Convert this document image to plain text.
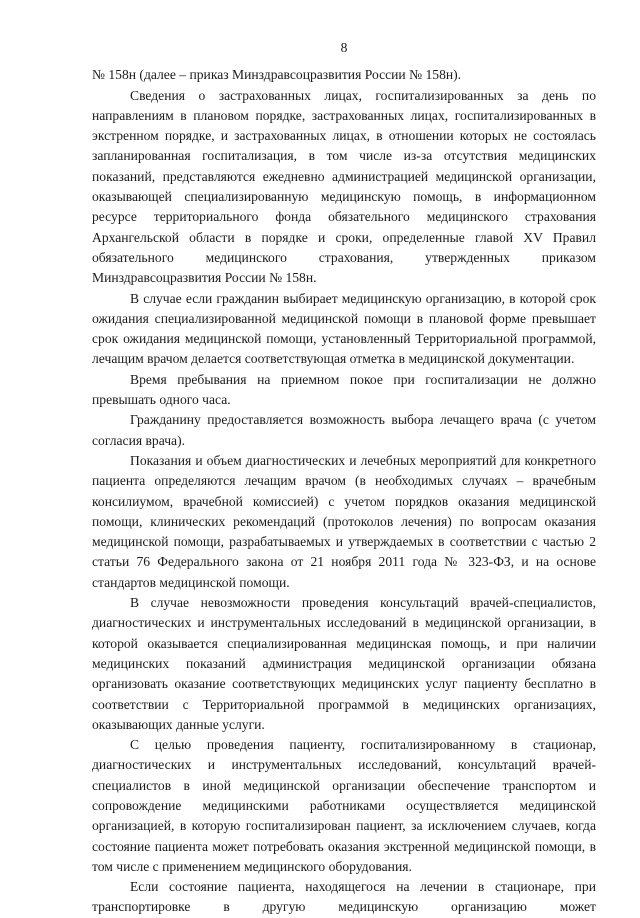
8

№ 158н (далее – приказ Минздравсоцразвития России № 158н).

Сведения о застрахованных лицах, госпитализированных за день по направлениям в плановом порядке, застрахованных лицах, госпитализированных в экстренном порядке, и застрахованных лицах, в отношении которых не состоялась запланированная госпитализация, в том числе из-за отсутствия медицинских показаний, представляются ежедневно администрацией медицинской организации, оказывающей специализированную медицинскую помощь, в информационном ресурсе территориального фонда обязательного медицинского страхования Архангельской области в порядке и сроки, определенные главой XV Правил обязательного медицинского страхования, утвержденных приказом Минздравсоцразвития России № 158н.

В случае если гражданин выбирает медицинскую организацию, в которой срок ожидания специализированной медицинской помощи в плановой форме превышает срок ожидания медицинской помощи, установленный Территориальной программой, лечащим врачом делается соответствующая отметка в медицинской документации.

Время пребывания на приемном покое при госпитализации не должно превышать одного часа.

Гражданину предоставляется возможность выбора лечащего врача (с учетом согласия врача).

Показания и объем диагностических и лечебных мероприятий для конкретного пациента определяются лечащим врачом (в необходимых случаях – врачебным консилиумом, врачебной комиссией) с учетом порядков оказания медицинской помощи, клинических рекомендаций (протоколов лечения) по вопросам оказания медицинской помощи, разрабатываемых и утверждаемых в соответствии с частью 2 статьи 76 Федерального закона от 21 ноября 2011 года № 323-ФЗ, и на основе стандартов медицинской помощи.

В случае невозможности проведения консультаций врачей-специалистов, диагностических и инструментальных исследований в медицинской организации, в которой оказывается специализированная медицинская помощь, и при наличии медицинских показаний администрация медицинской организации обязана организовать оказание соответствующих медицинских услуг пациенту бесплатно в соответствии с Территориальной программой в медицинских организациях, оказывающих данные услуги.

С целью проведения пациенту, госпитализированному в стационар, диагностических и инструментальных исследований, консультаций врачей-специалистов в иной медицинской организации обеспечение транспортом и сопровождение медицинскими работниками осуществляется медицинской организацией, в которую госпитализирован пациент, за исключением случаев, когда состояние пациента может потребовать оказания экстренной медицинской помощи, в том числе с применением медицинского оборудования.

Если состояние пациента, находящегося на лечении в стационаре, при транспортировке в другую медицинскую организацию может
